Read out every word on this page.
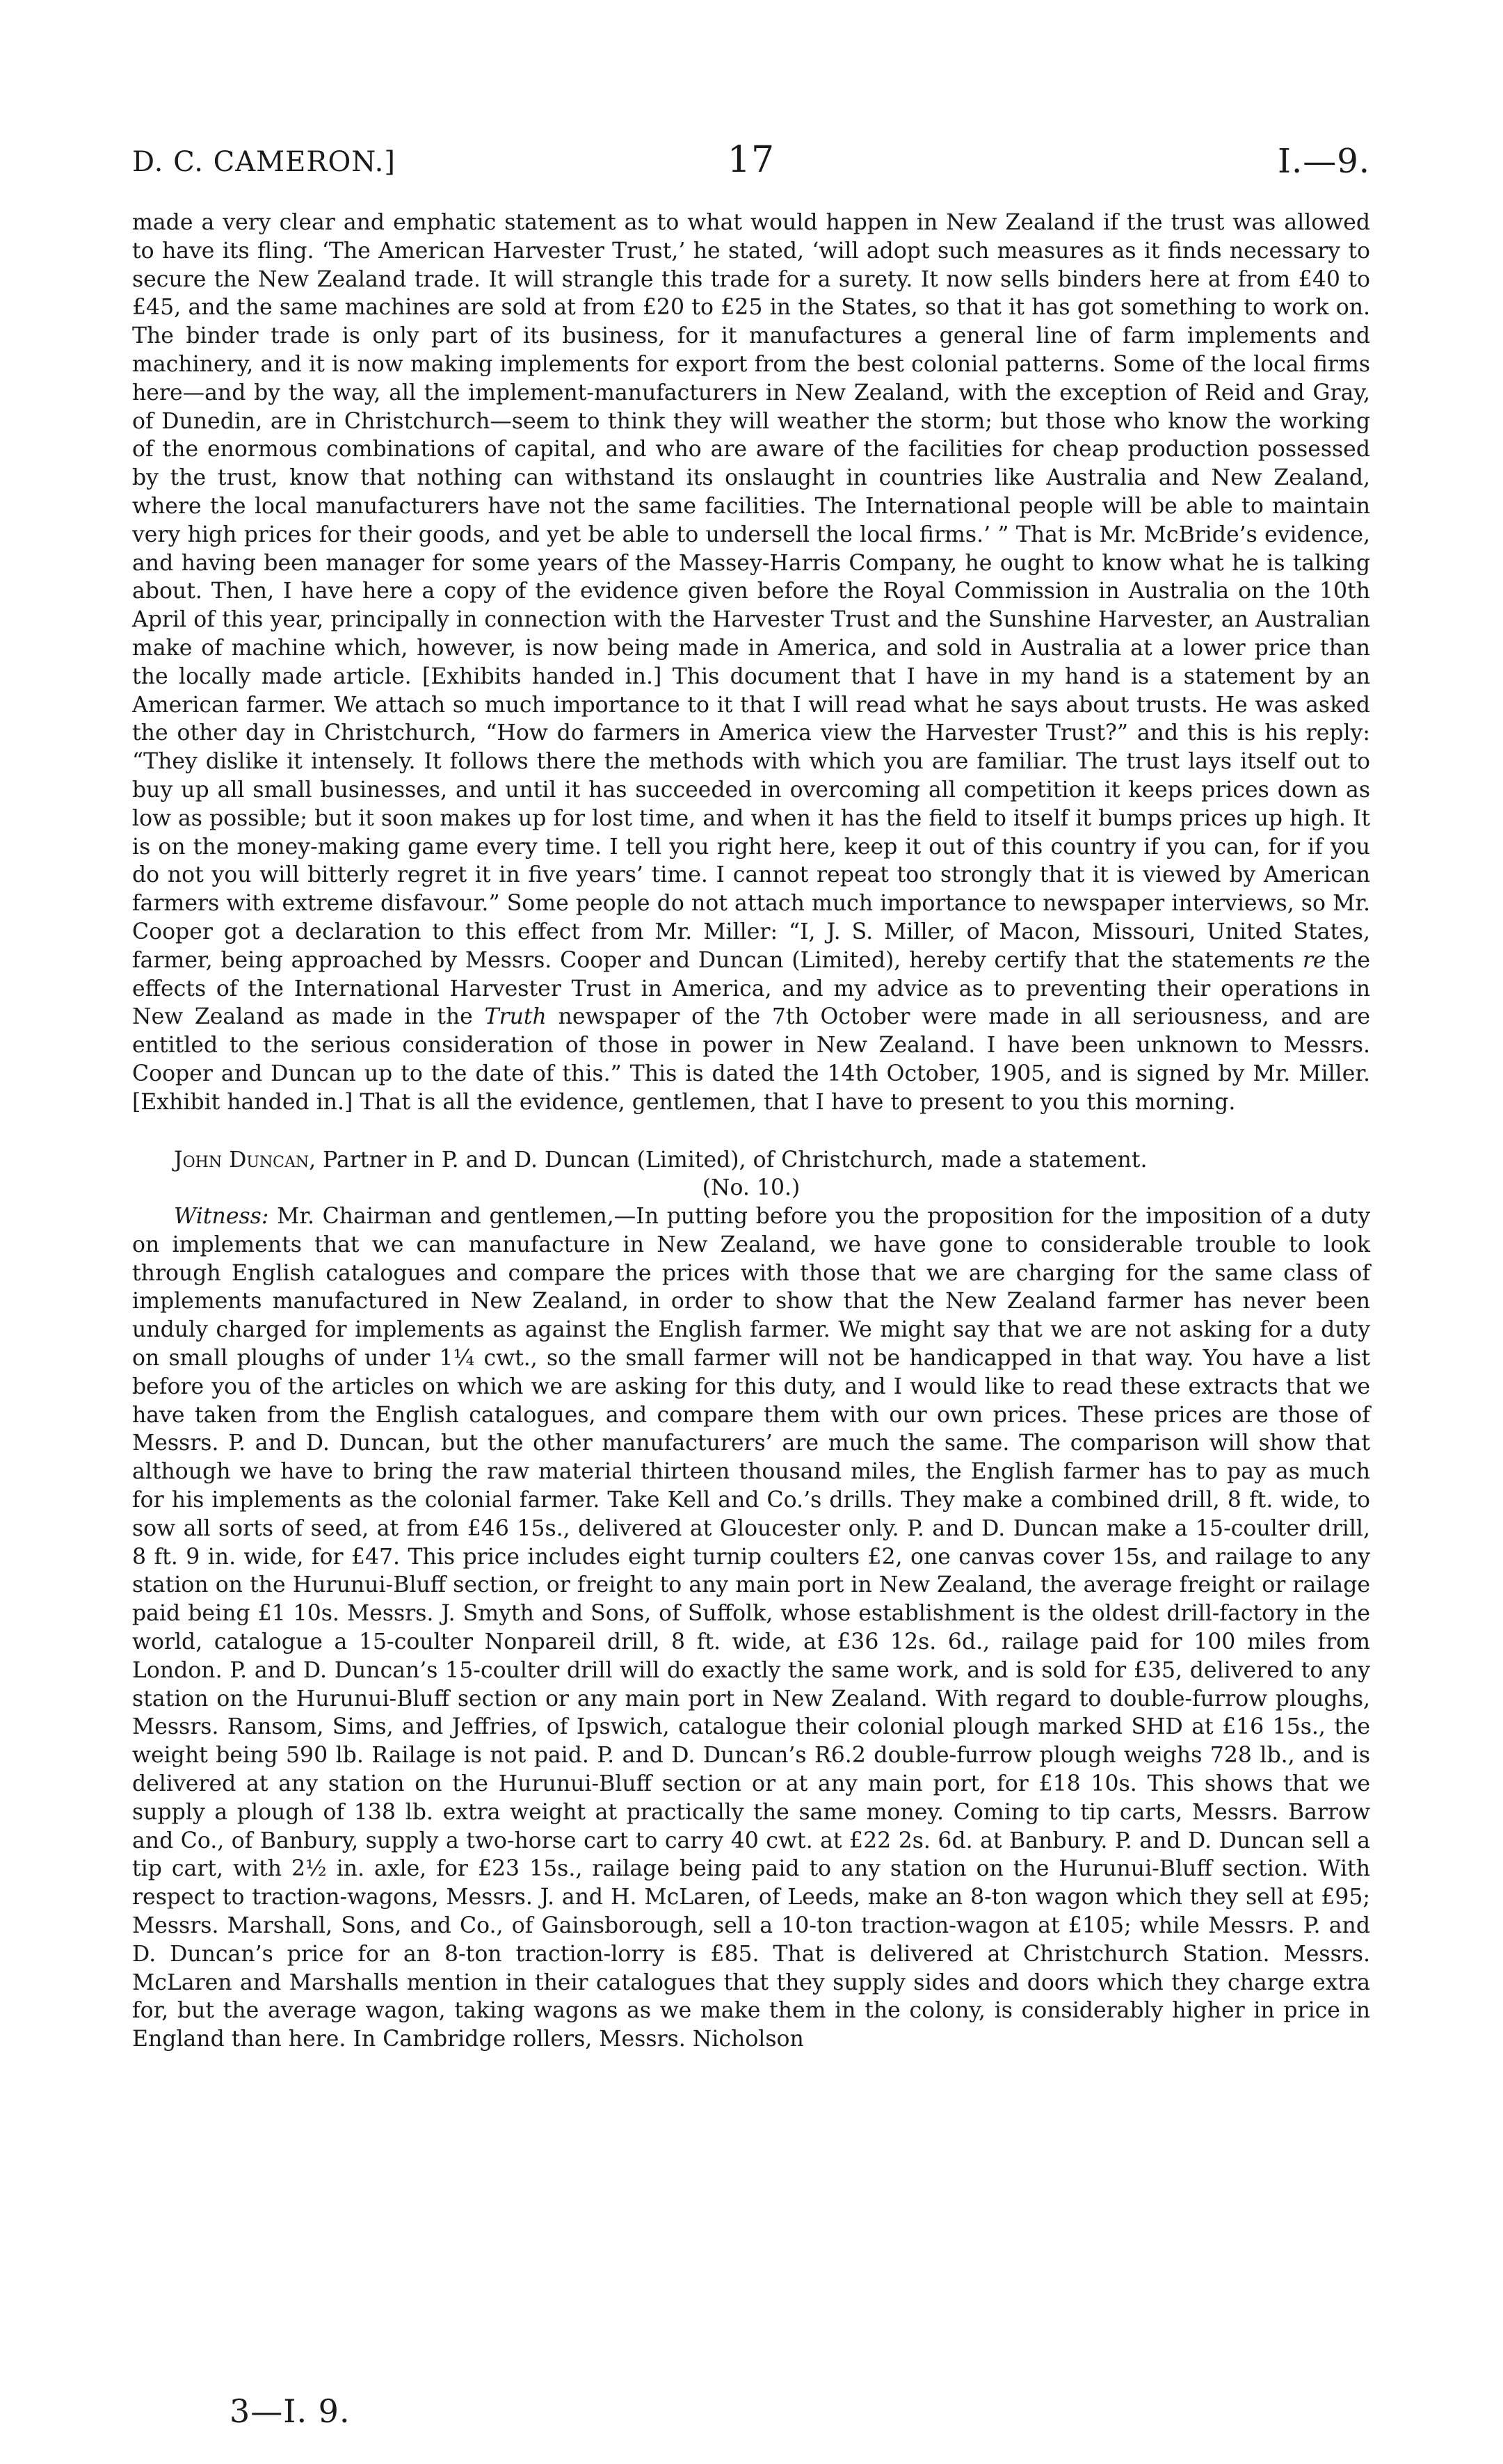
D. C. CAMERON.]	17	I.—9.

made a very clear and emphatic statement as to what would happen in New Zealand if the trust was allowed to have its fling. ‘The American Harvester Trust,’ he stated, ‘will adopt such measures as it finds necessary to secure the New Zealand trade. It will strangle this trade for a surety. It now sells binders here at from £40 to £45, and the same machines are sold at from £20 to £25 in the States, so that it has got something to work on. The binder trade is only part of its business, for it manufactures a general line of farm implements and machinery, and it is now making implements for export from the best colonial patterns. Some of the local firms here—and by the way, all the implement-manufacturers in New Zealand, with the exception of Reid and Gray, of Dunedin, are in Christchurch—seem to think they will weather the storm; but those who know the working of the enormous combinations of capital, and who are aware of the facilities for cheap production possessed by the trust, know that nothing can withstand its onslaught in countries like Australia and New Zealand, where the local manufacturers have not the same facilities. The International people will be able to maintain very high prices for their goods, and yet be able to undersell the local firms.’ ” That is Mr. McBride’s evidence, and having been manager for some years of the Massey-Harris Company, he ought to know what he is talking about. Then, I have here a copy of the evidence given before the Royal Commission in Australia on the 10th April of this year, principally in connection with the Harvester Trust and the Sunshine Harvester, an Australian make of machine which, however, is now being made in America, and sold in Australia at a lower price than the locally made article. [Exhibits handed in.] This document that I have in my hand is a statement by an American farmer. We attach so much importance to it that I will read what he says about trusts. He was asked the other day in Christchurch, “How do farmers in America view the Harvester Trust?” and this is his reply: “They dislike it intensely. It follows there the methods with which you are familiar. The trust lays itself out to buy up all small businesses, and until it has succeeded in overcoming all competition it keeps prices down as low as possible; but it soon makes up for lost time, and when it has the field to itself it bumps prices up high. It is on the money-making game every time. I tell you right here, keep it out of this country if you can, for if you do not you will bitterly regret it in five years’ time. I cannot repeat too strongly that it is viewed by American farmers with extreme disfavour.” Some people do not attach much importance to newspaper interviews, so Mr. Cooper got a declaration to this effect from Mr. Miller: “I, J. S. Miller, of Macon, Missouri, United States, farmer, being approached by Messrs. Cooper and Duncan (Limited), hereby certify that the statements re the effects of the International Harvester Trust in America, and my advice as to preventing their operations in New Zealand as made in the Truth newspaper of the 7th October were made in all seriousness, and are entitled to the serious consideration of those in power in New Zealand. I have been unknown to Messrs. Cooper and Duncan up to the date of this.” This is dated the 14th October, 1905, and is signed by Mr. Miller. [Exhibit handed in.] That is all the evidence, gentlemen, that I have to present to you this morning.

John Duncan, Partner in P. and D. Duncan (Limited), of Christchurch, made a statement.

(No. 10.)

Witness: Mr. Chairman and gentlemen,—In putting before you the proposition for the imposition of a duty on implements that we can manufacture in New Zealand, we have gone to considerable trouble to look through English catalogues and compare the prices with those that we are charging for the same class of implements manufactured in New Zealand, in order to show that the New Zealand farmer has never been unduly charged for implements as against the English farmer. We might say that we are not asking for a duty on small ploughs of under 1¼ cwt., so the small farmer will not be handicapped in that way. You have a list before you of the articles on which we are asking for this duty, and I would like to read these extracts that we have taken from the English catalogues, and compare them with our own prices. These prices are those of Messrs. P. and D. Duncan, but the other manufacturers’ are much the same. The comparison will show that although we have to bring the raw material thirteen thousand miles, the English farmer has to pay as much for his implements as the colonial farmer. Take Kell and Co.’s drills. They make a combined drill, 8 ft. wide, to sow all sorts of seed, at from £46 15s., delivered at Gloucester only. P. and D. Duncan make a 15-coulter drill, 8 ft. 9 in. wide, for £47. This price includes eight turnip coulters £2, one canvas cover 15s, and railage to any station on the Hurunui-Bluff section, or freight to any main port in New Zealand, the average freight or railage paid being £1 10s. Messrs. J. Smyth and Sons, of Suffolk, whose establishment is the oldest drill-factory in the world, catalogue a 15-coulter Nonpareil drill, 8 ft. wide, at £36 12s. 6d., railage paid for 100 miles from London. P. and D. Duncan’s 15-coulter drill will do exactly the same work, and is sold for £35, delivered to any station on the Hurunui-Bluff section or any main port in New Zealand. With regard to double-furrow ploughs, Messrs. Ransom, Sims, and Jeffries, of Ipswich, catalogue their colonial plough marked SHD at £16 15s., the weight being 590 lb. Railage is not paid. P. and D. Duncan’s R6.2 double-furrow plough weighs 728 lb., and is delivered at any station on the Hurunui-Bluff section or at any main port, for £18 10s. This shows that we supply a plough of 138 lb. extra weight at practically the same money. Coming to tip carts, Messrs. Barrow and Co., of Banbury, supply a two-horse cart to carry 40 cwt. at £22 2s. 6d. at Banbury. P. and D. Duncan sell a tip cart, with 2½ in. axle, for £23 15s., railage being paid to any station on the Hurunui-Bluff section. With respect to traction-wagons, Messrs. J. and H. McLaren, of Leeds, make an 8-ton wagon which they sell at £95; Messrs. Marshall, Sons, and Co., of Gainsborough, sell a 10-ton traction-wagon at £105; while Messrs. P. and D. Duncan’s price for an 8-ton traction-lorry is £85. That is delivered at Christchurch Station. Messrs. McLaren and Marshalls mention in their catalogues that they supply sides and doors which they charge extra for, but the average wagon, taking wagons as we make them in the colony, is considerably higher in price in England than here. In Cambridge rollers, Messrs. Nicholson

3—I. 9.
